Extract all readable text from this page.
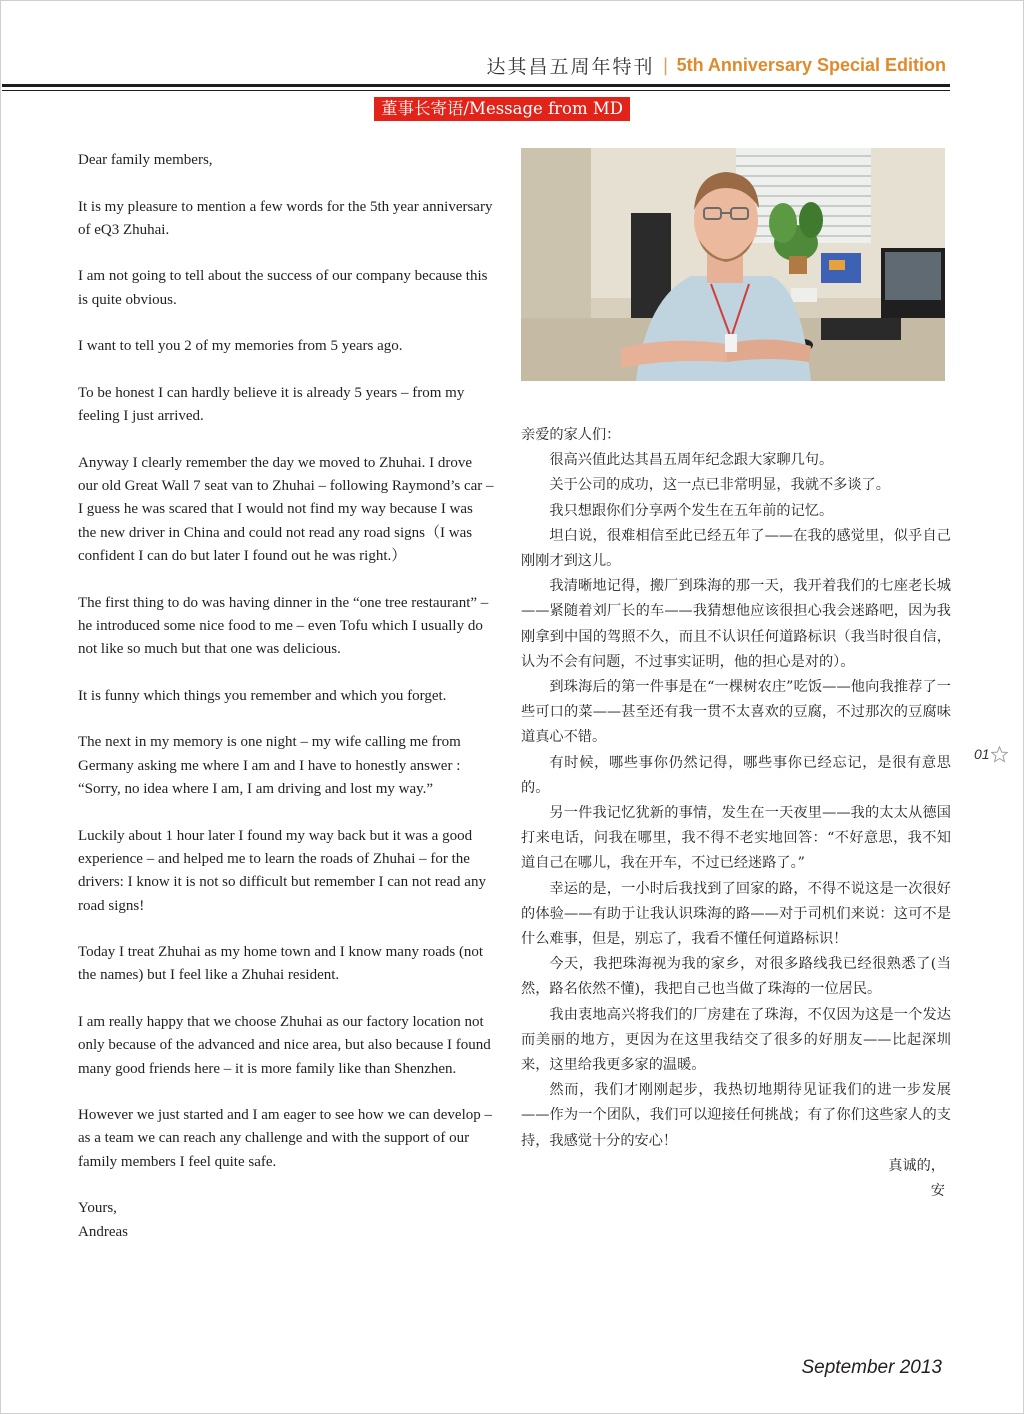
达其昌五周年特刊 | 5th Anniversary Special Edition
董事长寄语/Message from MD

Dear family members,

It is my pleasure to mention a few words for the 5th year anniversary of eQ3 Zhuhai.

I am not going to tell about the success of our company because this is quite obvious.

I want to tell you 2 of my memories from 5 years ago.

To be honest I can hardly believe it is already 5 years – from my feeling I just arrived.

Anyway I clearly remember the day we moved to Zhuhai. I drove our old Great Wall 7 seat van to Zhuhai – following Raymond’s car – I guess he was scared that I would not find my way because I was the new driver in China and could not read any road signs（I was confident I can do but later I found out he was right.）

The first thing to do was having dinner in the “one tree restaurant” – he introduced some nice food to me – even Tofu which I usually do not like so much but that one was delicious.

It is funny which things you remember and which you forget.

The next in my memory is one night – my wife calling me from Germany asking me where I am and I have to honestly answer : “Sorry, no idea where I am, I am driving and lost my way.”

Luckily about 1 hour later I found my way back but it was a good experience – and helped me to learn the roads of Zhuhai – for the drivers: I know it is not so difficult but remember I can not read any road signs!

Today I treat Zhuhai as my home town and I know many roads (not the names) but I feel like a Zhuhai resident.

I am really happy that we choose Zhuhai as our factory location not only because of the advanced and nice area, but also because I found many good friends here – it is more family like than Shenzhen.

However we just started and I am eager to see how we can develop – as a team we can reach any challenge and with the support of our family members I feel quite safe.

Yours,

Andreas

亲爱的家人们：

很高兴值此达其昌五周年纪念跟大家聊几句。

关于公司的成功，这一点已非常明显，我就不多谈了。

我只想跟你们分享两个发生在五年前的记忆。

坦白说，很难相信至此已经五年了——在我的感觉里，似乎自己刚刚才到这儿。

我清晰地记得，搬厂到珠海的那一天，我开着我们的七座老长城——紧随着刘厂长的车——我猜想他应该很担心我会迷路吧，因为我刚拿到中国的驾照不久，而且不认识任何道路标识（我当时很自信，认为不会有问题，不过事实证明，他的担心是对的）。

到珠海后的第一件事是在“一棵树农庄”吃饭——他向我推荐了一些可口的菜——甚至还有我一贯不太喜欢的豆腐，不过那次的豆腐味道真心不错。

有时候，哪些事你仍然记得，哪些事你已经忘记，是很有意思的。

另一件我记忆犹新的事情，发生在一天夜里——我的太太从德国打来电话，问我在哪里，我不得不老实地回答：“不好意思，我不知道自己在哪儿，我在开车，不过已经迷路了。”

幸运的是，一小时后我找到了回家的路，不得不说这是一次很好的体验——有助于让我认识珠海的路——对于司机们来说：这可不是什么难事，但是，别忘了，我看不懂任何道路标识！

今天，我把珠海视为我的家乡，对很多路线我已经很熟悉了(当然，路名依然不懂)，我把自己也当做了珠海的一位居民。

我由衷地高兴将我们的厂房建在了珠海，不仅因为这是一个发达而美丽的地方，更因为在这里我结交了很多的好朋友——比起深圳来，这里给我更多家的温暖。

然而，我们才刚刚起步，我热切地期待见证我们的进一步发展——作为一个团队，我们可以迎接任何挑战；有了你们这些家人的支持，我感觉十分的安心！

真诚的，

安

01
September 2013
